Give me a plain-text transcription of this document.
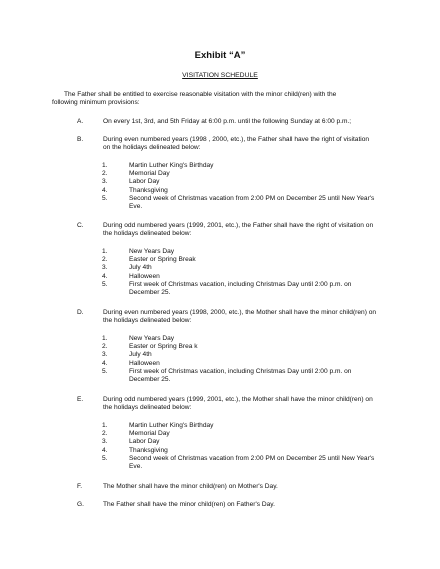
Exhibit “A”
VISITATION SCHEDULE
The Father shall be entitled to exercise reasonable visitation with the minor child(ren) with the
following minimum provisions:
A.	On every 1st, 3rd, and 5th Friday at 6:00 p.m. until the following Sunday at 6:00 p.m.;
B.	During even numbered years (1998 , 2000, etc.), the Father shall have the right of visitation on the holidays delineated below:
1.	Martin Luther King's Birthday
2.	Memorial Day
3.	Labor Day
4.	Thanksgiving
5.	Second week of Christmas vacation from 2:00 PM on December 25 until New Year's Eve.
C.	During odd numbered years (1999, 2001, etc.), the Father shall have the right of visitation on the holidays delineated below:
1.	New Years Day
2.	Easter or Spring Break
3.	July 4th
4.	Halloween
5.	First week of Christmas vacation, including Christmas Day until 2:00 p.m. on December 25.
D.	During even numbered years (1998, 2000, etc.), the Mother shall have the minor child(ren) on the holidays delineated below:
1.	New Years Day
2.	Easter or Spring Brea k
3.	July 4th
4.	Halloween
5.	First week of Christmas vacation, including Christmas Day until 2:00 p.m. on December 25.
E.	During odd numbered years (1999, 2001, etc.), the Mother shall have the minor child(ren) on the holidays delineated below:
1.	Martin Luther King's Birthday
2.	Memorial Day
3.	Labor Day
4.	Thanksgiving
5.	Second week of Christmas vacation from 2:00 PM on December 25 until New Year's Eve.
F.	The Mother shall have the minor child(ren) on Mother's Day.
G.	The Father shall have the minor child(ren) on Father's Day.
